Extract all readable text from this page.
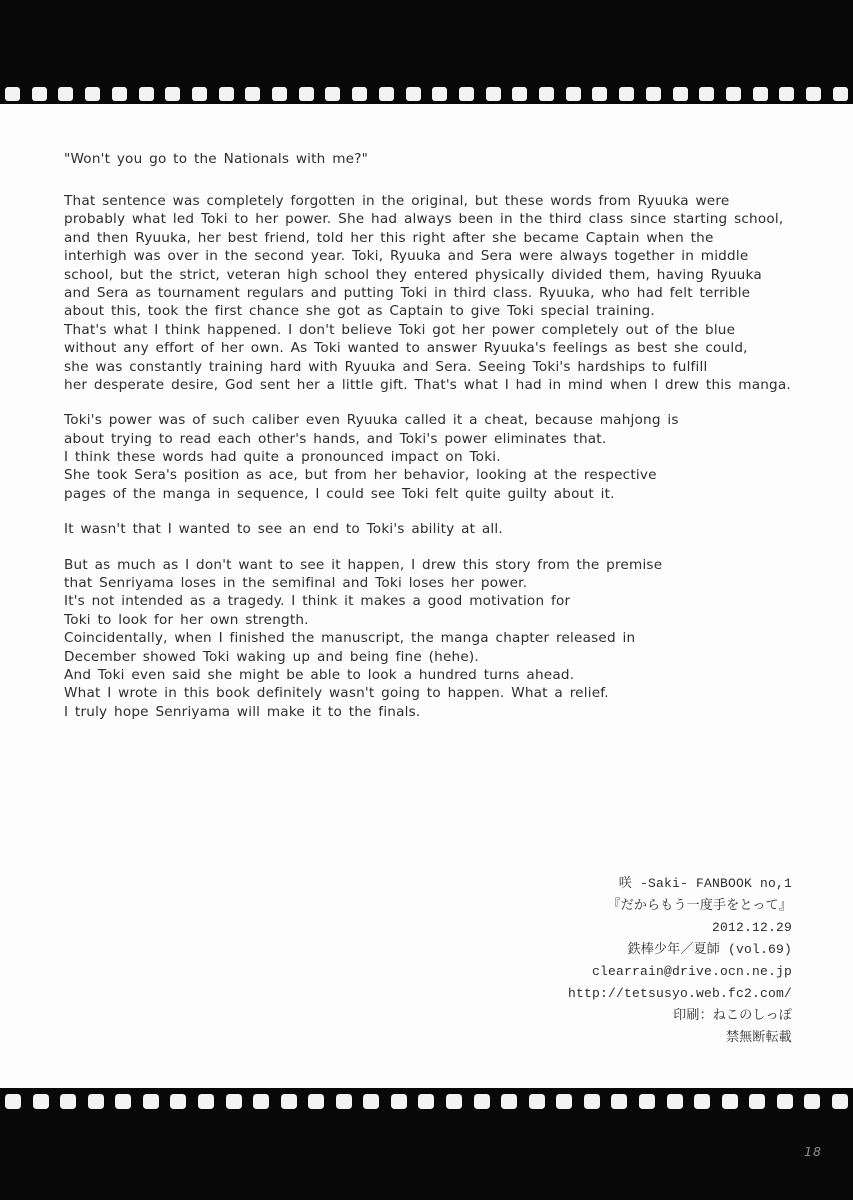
"Won't you go to the Nationals with me?"
That sentence was completely forgotten in the original, but these words from Ryuuka were
probably what led Toki to her power. She had always been in the third class since starting school,
and then Ryuuka, her best friend, told her this right after she became Captain when the
interhigh was over in the second year. Toki, Ryuuka and Sera were always together in middle
school, but the strict, veteran high school they entered physically divided them, having Ryuuka
and Sera as tournament regulars and putting Toki in third class. Ryuuka, who had felt terrible
about this, took the first chance she got as Captain to give Toki special training.
That's what I think happened. I don't believe Toki got her power completely out of the blue
without any effort of her own. As Toki wanted to answer Ryuuka's feelings as best she could,
she was constantly training hard with Ryuuka and Sera. Seeing Toki's hardships to fulfill
her desperate desire, God sent her a little gift. That's what I had in mind when I drew this manga.
Toki's power was of such caliber even Ryuuka called it a cheat, because mahjong is
about trying to read each other's hands, and Toki's power eliminates that.
I think these words had quite a pronounced impact on Toki.
She took Sera's position as ace, but from her behavior, looking at the respective
pages of the manga in sequence, I could see Toki felt quite guilty about it.
It wasn't that I wanted to see an end to Toki's ability at all.
But as much as I don't want to see it happen, I drew this story from the premise
that Senriyama loses in the semifinal and Toki loses her power.
It's not intended as a tragedy. I think it makes a good motivation for
Toki to look for her own strength.
Coincidentally, when I finished the manuscript, the manga chapter released in
December showed Toki waking up and being fine (hehe).
And Toki even said she might be able to look a hundred turns ahead.
What I wrote in this book definitely wasn't going to happen. What a relief.
I truly hope Senriyama will make it to the finals.
咲 -Saki- FANBOOK no,1
『だからもう一度手をとって』
2012.12.29
鉄棒少年／夏師 (vol.69)
clearrain@drive.ocn.ne.jp
http://tetsusyo.web.fc2.com/
印刷：ねこのしっぽ
禁無断転載
18
